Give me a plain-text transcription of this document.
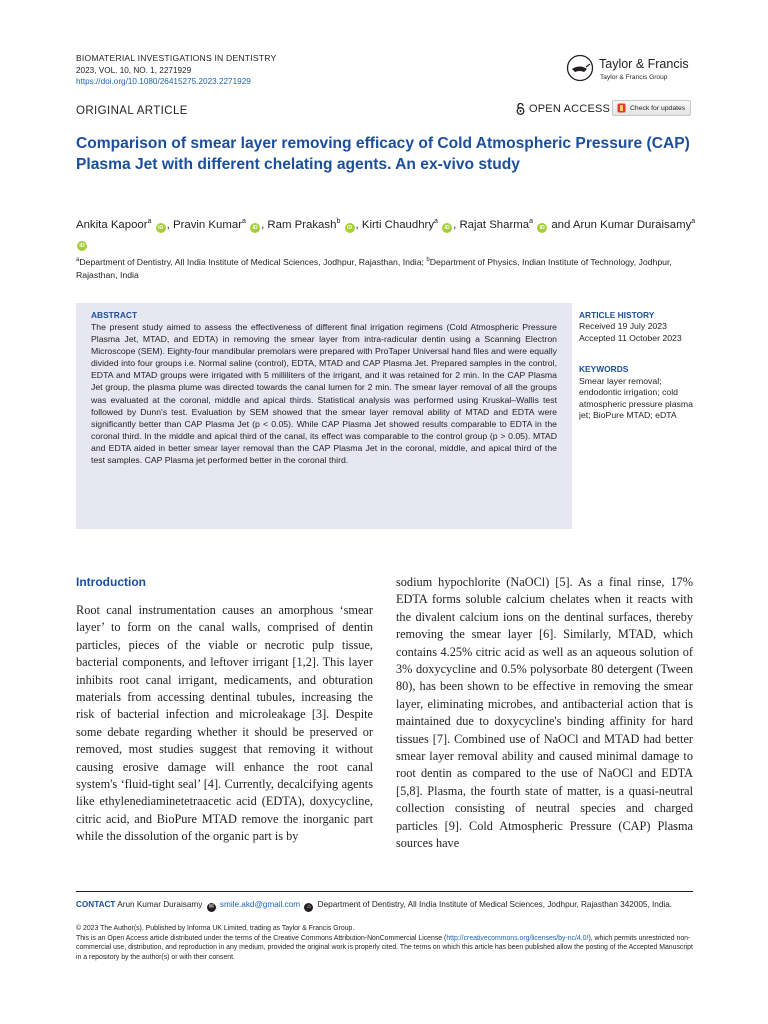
BIOMATERIAL INVESTIGATIONS IN DENTISTRY
2023, VOL. 10, NO. 1, 2271929
https://doi.org/10.1080/26415275.2023.2271929
Taylor & Francis
Taylor & Francis Group
ORIGINAL ARTICLE	OPEN ACCESS	Check for updates
Comparison of smear layer removing efficacy of Cold Atmospheric Pressure (CAP) Plasma Jet with different chelating agents. An ex-vivo study
Ankita Kapoor$^a$ iD , Pravin Kumar$^a$ iD , Ram Prakash$^b$ iD , Kirti Chaudhry$^a$ iD , Rajat Sharma$^a$ iD and Arun Kumar Duraisamy$^a$ iD
$^a$Department of Dentistry, All India Institute of Medical Sciences, Jodhpur, Rajasthan, India; $^b$Department of Physics, Indian Institute of Technology, Jodhpur, Rajasthan, India
ABSTRACT
The present study aimed to assess the effectiveness of different final irrigation regimens (Cold Atmospheric Pressure Plasma Jet, MTAD, and EDTA) in removing the smear layer from intra-radicular dentin using a Scanning Electron Microscope (SEM). Eighty-four mandibular premolars were prepared with ProTaper Universal hand files and were equally divided into four groups i.e. Normal saline (control), EDTA, MTAD and CAP Plasma Jet. Prepared samples in the control, EDTA and MTAD groups were irrigated with 5 milliliters of the irrigant, and it was retained for 2 min. In the CAP Plasma Jet group, the plasma plume was directed towards the canal lumen for 2 min. The smear layer removal of all the groups was evaluated at the coronal, middle and apical thirds. Statistical analysis was performed using Kruskal–Wallis test followed by Dunn's test. Evaluation by SEM showed that the smear layer removal ability of MTAD and EDTA were significantly better than CAP Plasma Jet (p < 0.05). While CAP Plasma Jet showed results comparable to EDTA in the coronal third. In the middle and apical third of the canal, its effect was comparable to the control group (p > 0.05). MTAD and EDTA aided in better smear layer removal than the CAP Plasma Jet in the coronal, middle, and apical third of the test samples. CAP Plasma jet performed better in the coronal third.
ARTICLE HISTORY
Received 19 July 2023
Accepted 11 October 2023
KEYWORDS
Smear layer removal; endodontic irrigation; cold atmospheric pressure plasma jet; BioPure MTAD; eDTA
Introduction
Root canal instrumentation causes an amorphous ‘smear layer’ to form on the canal walls, comprised of dentin particles, pieces of the viable or necrotic pulp tissue, bacterial components, and leftover irrigant [1,2]. This layer inhibits root canal irrigant, medicaments, and obturation materials from accessing dentinal tubules, increasing the risk of bacterial infection and microleakage [3]. Despite some debate regarding whether it should be preserved or removed, most studies suggest that removing it without causing erosive damage will enhance the root canal system's ‘fluid-tight seal’ [4]. Currently, decalcifying agents like ethylenediaminetetraacetic acid (EDTA), doxycycline, citric acid, and BioPure MTAD remove the inorganic part while the dissolution of the organic part is by
sodium hypochlorite (NaOCl) [5]. As a final rinse, 17% EDTA forms soluble calcium chelates when it reacts with the divalent calcium ions on the dentinal surfaces, thereby removing the smear layer [6]. Similarly, MTAD, which contains 4.25% citric acid as well as an aqueous solution of 3% doxycycline and 0.5% polysorbate 80 detergent (Tween 80), has been shown to be effective in removing the smear layer, eliminating microbes, and antibacterial action that is maintained due to doxycycline's binding affinity for hard tissues [7]. Combined use of NaOCl and MTAD had better smear layer removal ability and caused minimal damage to root dentin as compared to the use of NaOCl and EDTA [5,8]. Plasma, the fourth state of matter, is a quasi-neutral collection consisting of neutral species and charged particles [9]. Cold Atmospheric Pressure (CAP) Plasma sources have
CONTACT Arun Kumar Duraisamy ✉ smile.akd@gmail.com ⌂ Department of Dentistry, All India Institute of Medical Sciences, Jodhpur, Rajasthan 342005, India.
© 2023 The Author(s). Published by Informa UK Limited, trading as Taylor & Francis Group.
This is an Open Access article distributed under the terms of the Creative Commons Attribution-NonCommercial License (http://creativecommons.org/licenses/by-nc/4.0/), which permits unrestricted non-commercial use, distribution, and reproduction in any medium, provided the original work is properly cited. The terms on which this article has been published allow the posting of the Accepted Manuscript in a repository by the author(s) or with their consent.
